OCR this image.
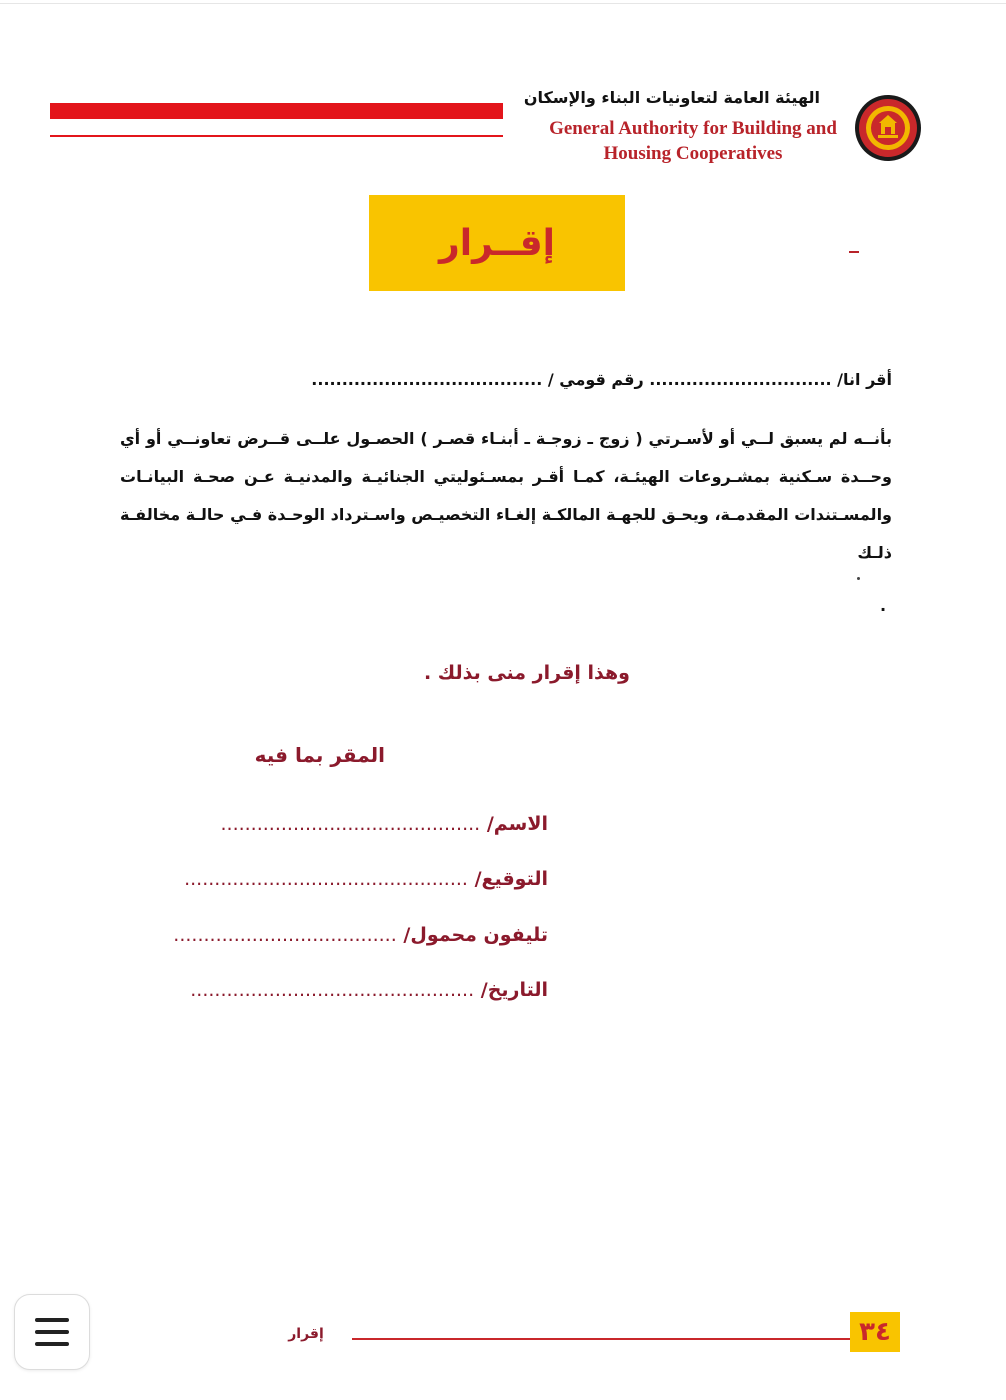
الهيئة العامة لتعاونيات البناء والإسكان
General Authority for Building and
Housing Cooperatives
إقــرار
أقر انا/ .............................. رقم قومي / ......................................
بأنــه لم يسبق لــي أو لأسـرتي ( زوج ـ زوجـة ـ أبنـاء قصـر ) الحصـول علــى قــرض تعاونــي أو أي وحــدة سـكنية بمشـروعات الهيئـة، كمـا أقـر بمسـئوليتي الجنائيـة والمدنيـة عـن صحـة البيانـات والمسـتندات المقدمـة، ويحـق للجهـة المالكـة إلغـاء التخصيـص واسـترداد الوحـدة فـي حالـة مخالفـة ذلـك
.
وهذا إقرار منى بذلك .
المقر بما فيه
الاسم/ ...........................................
التوقيع/ ...............................................
تليفون محمول/ .....................................
التاريخ/ ...............................................
إقرار	٣٤
